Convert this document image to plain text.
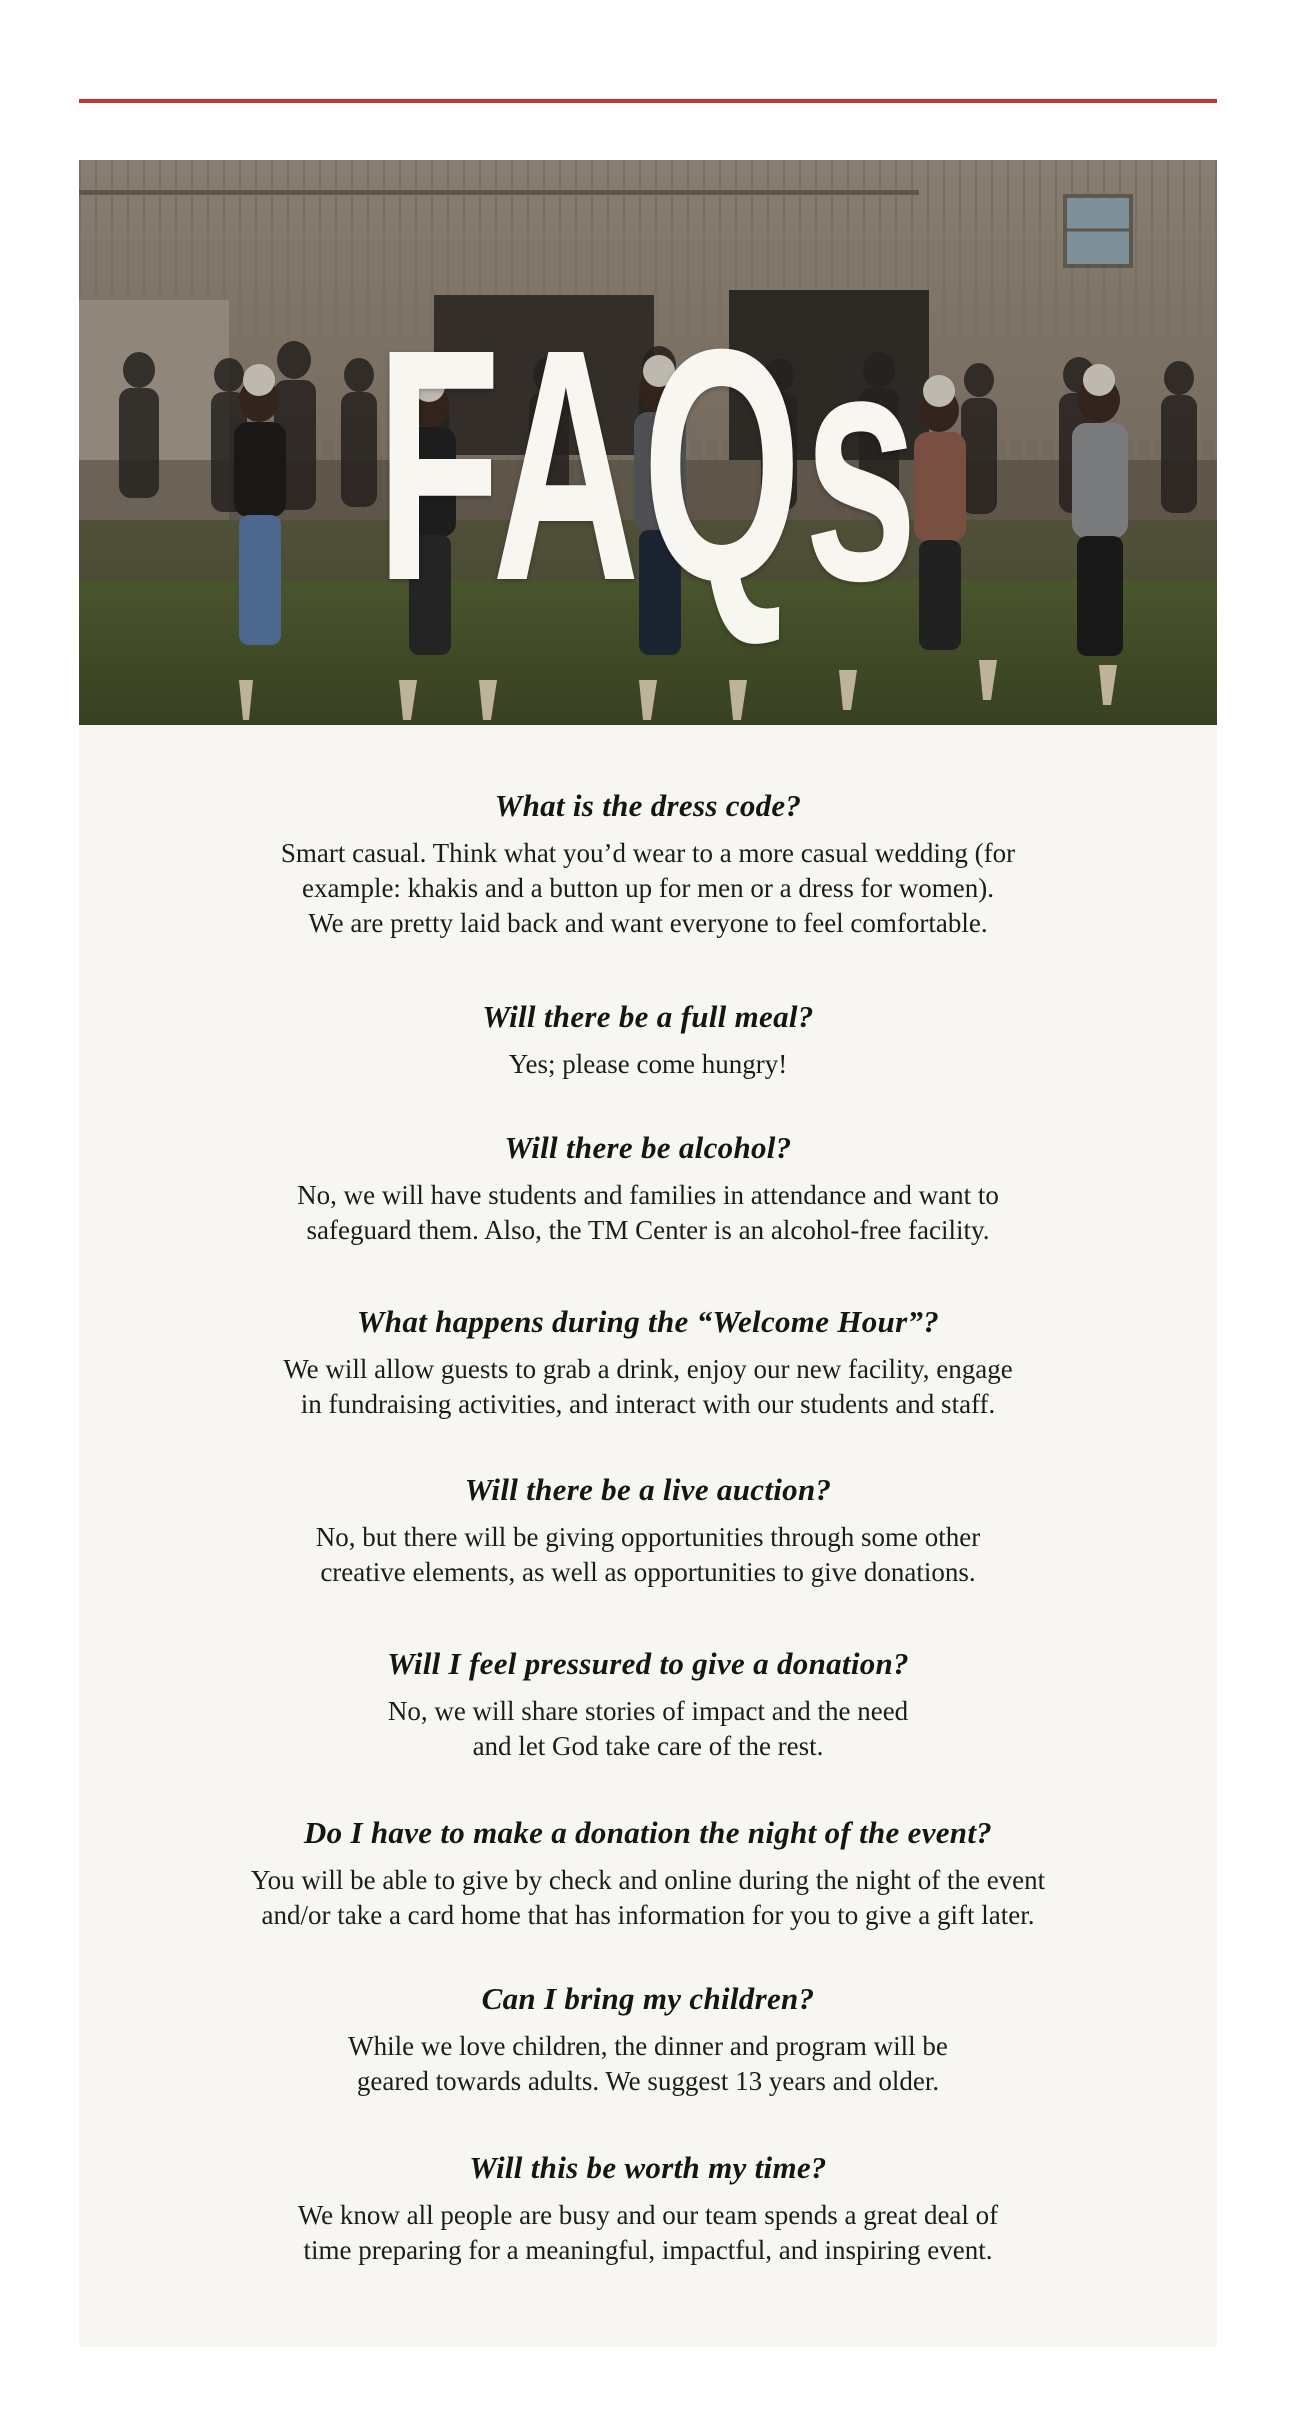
FAQs
What is the dress code?

Smart casual. Think what you’d wear to a more casual wedding (for
example: khakis and a button up for men or a dress for women).
We are pretty laid back and want everyone to feel comfortable.

Will there be a full meal?

Yes; please come hungry!

Will there be alcohol?

No, we will have students and families in attendance and want to
safeguard them. Also, the TM Center is an alcohol-free facility.

What happens during the “Welcome Hour”?

We will allow guests to grab a drink, enjoy our new facility, engage
in fundraising activities, and interact with our students and staff.

Will there be a live auction?

No, but there will be giving opportunities through some other
creative elements, as well as opportunities to give donations.

Will I feel pressured to give a donation?

No, we will share stories of impact and the need
and let God take care of the rest.

Do I have to make a donation the night of the event?

You will be able to give by check and online during the night of the event
and/or take a card home that has information for you to give a gift later.

Can I bring my children?

While we love children, the dinner and program will be
geared towards adults. We suggest 13 years and older.

Will this be worth my time?

We know all people are busy and our team spends a great deal of
time preparing for a meaningful, impactful, and inspiring event.
